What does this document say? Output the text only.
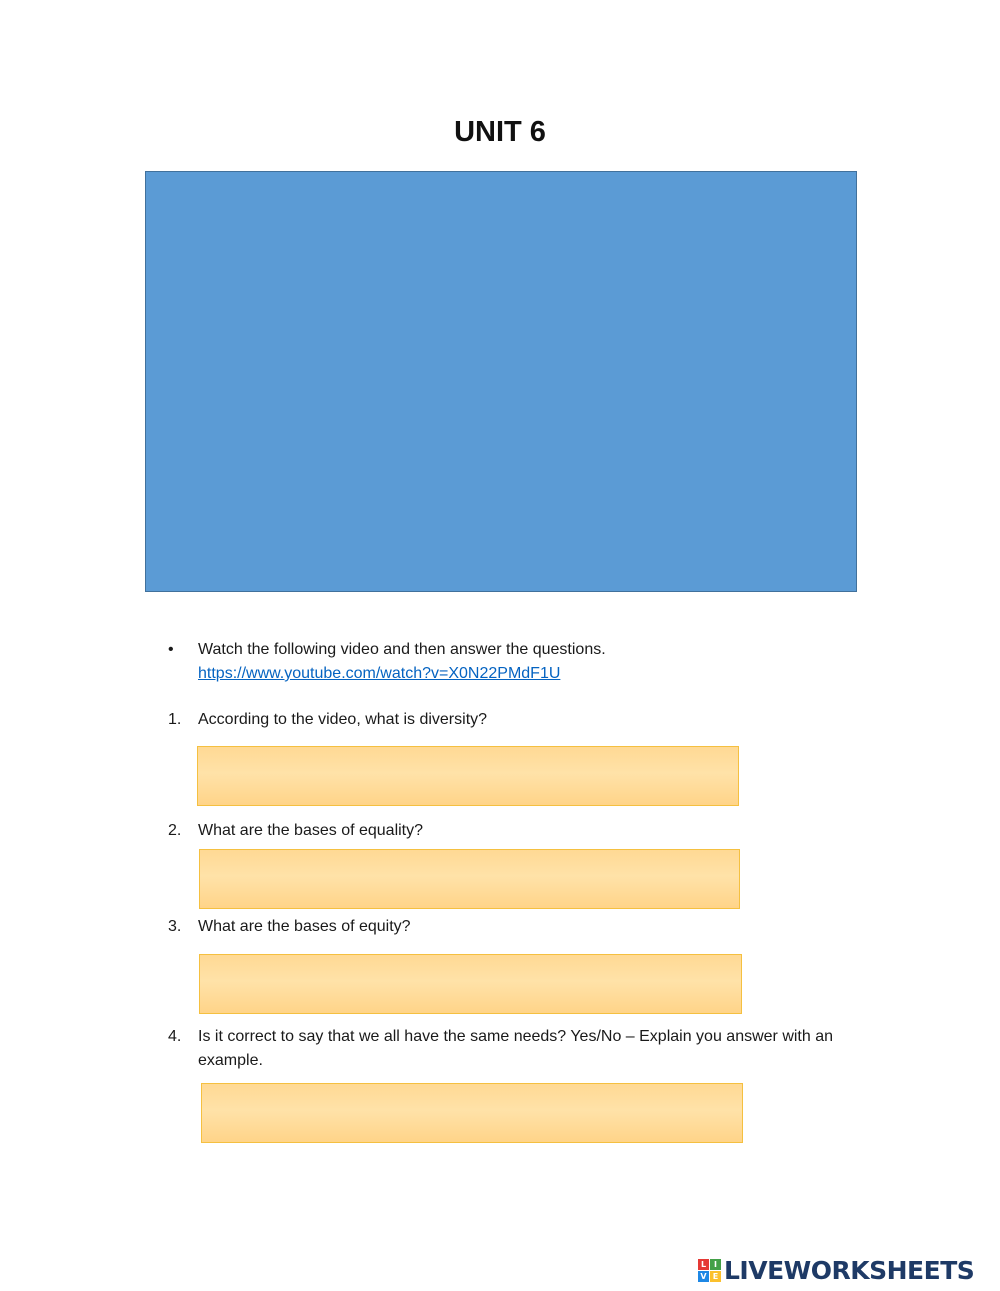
UNIT 6
•	Watch the following video and then answer the questions.
https://www.youtube.com/watch?v=X0N22PMdF1U
1.	According to the video, what is diversity?
2.	What are the bases of equality?
3.	What are the bases of equity?
4.	Is it correct to say that we all have the same needs? Yes/No – Explain you answer with an example.
L I
V E LIVEWORKSHEETS
